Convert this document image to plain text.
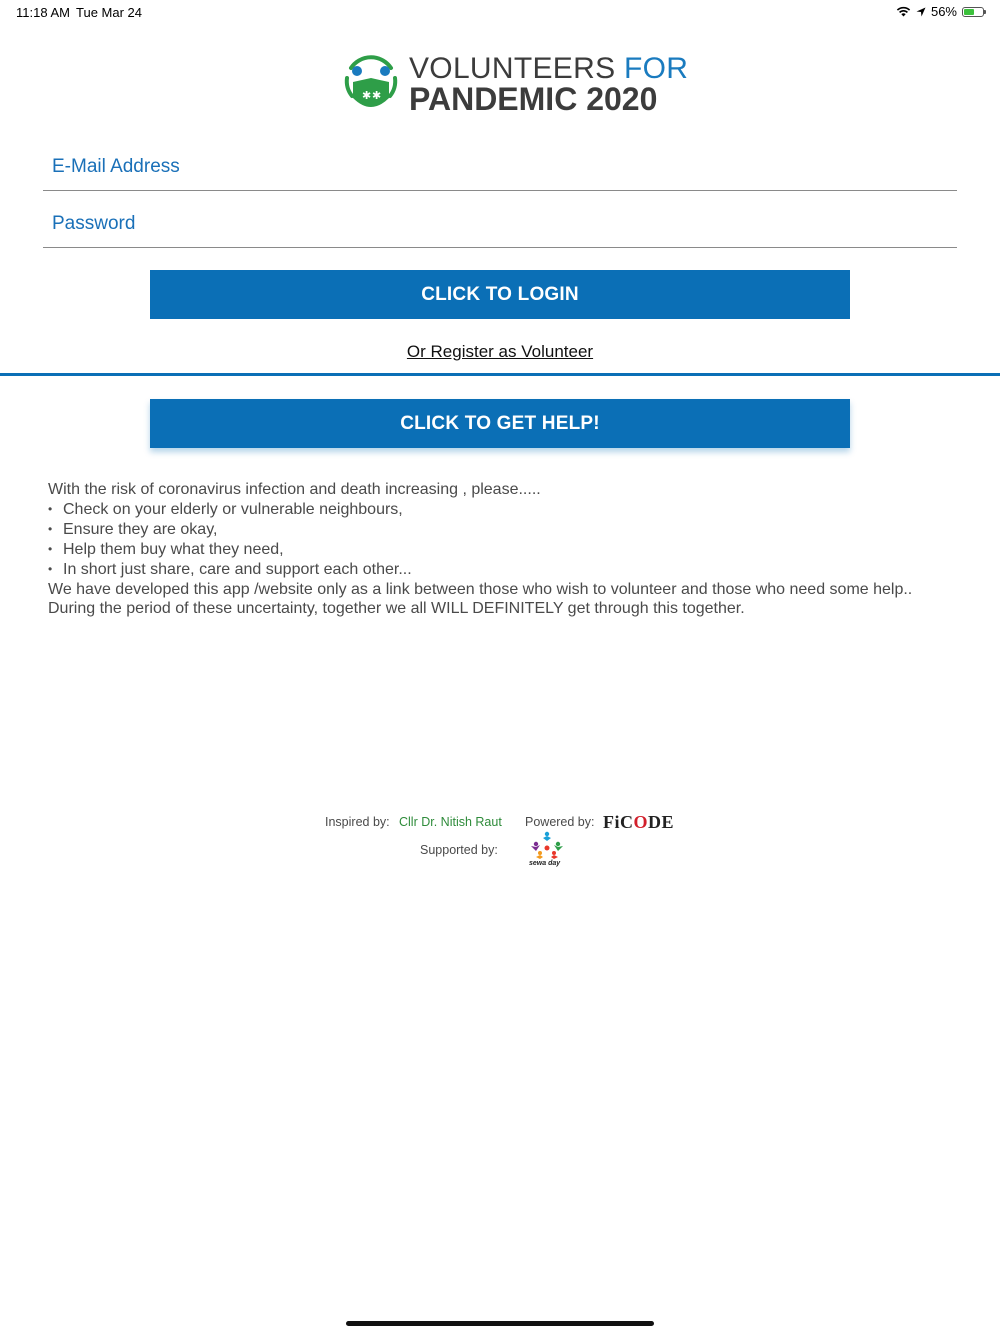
11:18 AM Tue Mar 24	56%
✱ ✱
VOLUNTEERS FOR
PANDEMIC 2020
E-Mail Address
CLICK TO LOGIN
Or Register as Volunteer
CLICK TO GET HELP!

With the risk of coronavirus infection and death increasing , please.....

• Check on your elderly or vulnerable neighbours,
• Ensure they are okay,
• Help them buy what they need,
• In short just share, care and support each other...

We have developed this app /website only as a link between those who wish to volunteer and those who need some help..

During the period of these uncertainty, together we all WILL DEFINITELY get through this together.

Inspired by: Cllr Dr. Nitish Raut Powered by: FiCODE
Supported by:
sewa day
